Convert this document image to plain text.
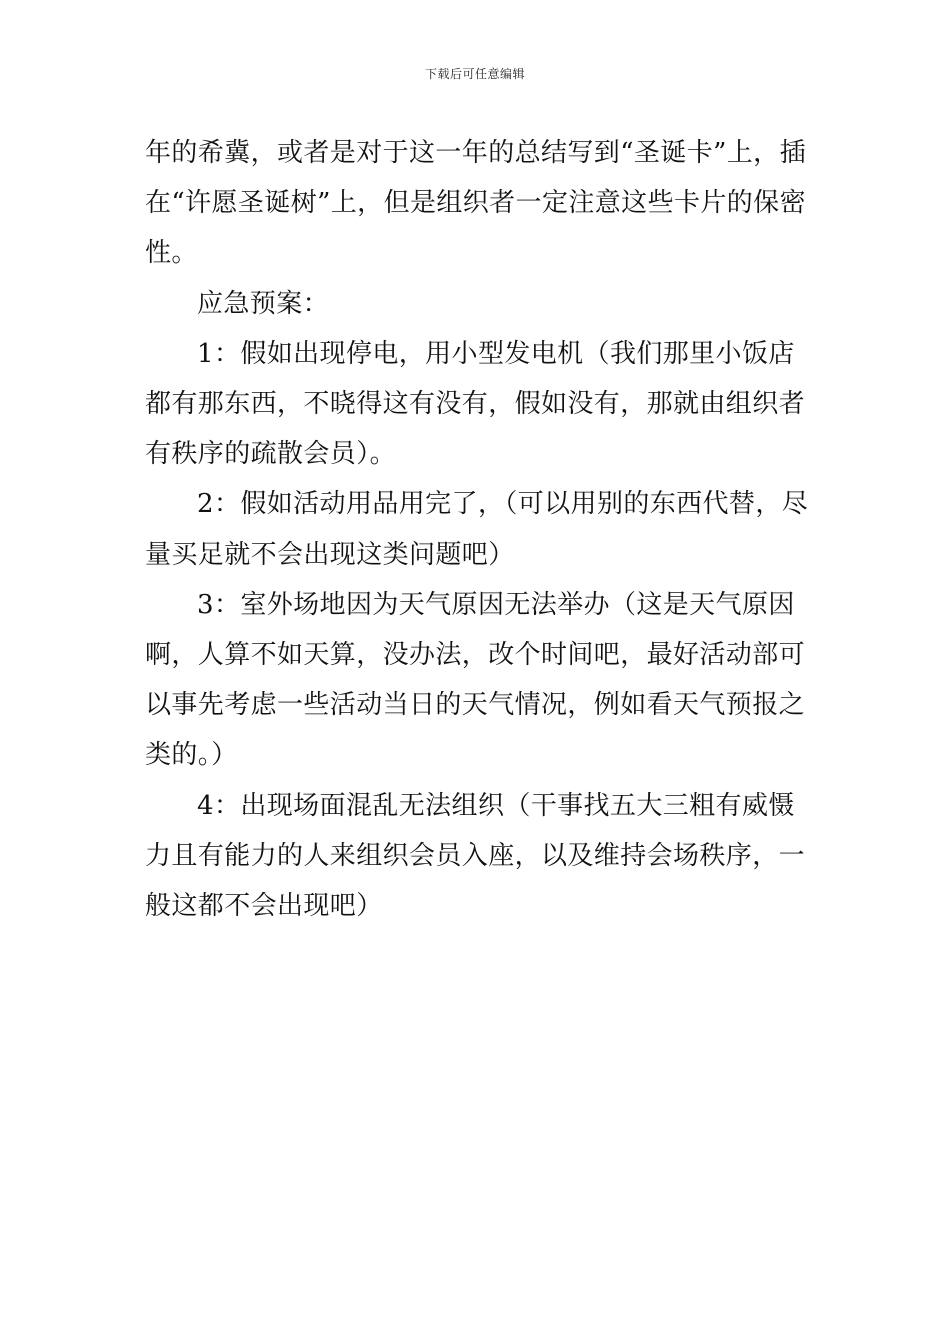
下载后可任意编辑

年的希冀，或者是对于这一年的总结写到“圣诞卡”上，插在“许愿圣诞树”上，但是组织者一定注意这些卡片的保密性。

应急预案：

1：假如出现停电，用小型发电机（我们那里小饭店都有那东西，不晓得这有没有，假如没有，那就由组织者有秩序的疏散会员）。

2：假如活动用品用完了，（可以用别的东西代替，尽量买足就不会出现这类问题吧）

3：室外场地因为天气原因无法举办（这是天气原因啊，人算不如天算，没办法，改个时间吧，最好活动部可以事先考虑一些活动当日的天气情况，例如看天气预报之类的。）

4：出现场面混乱无法组织（干事找五大三粗有威慑力且有能力的人来组织会员入座，以及维持会场秩序，一般这都不会出现吧）
